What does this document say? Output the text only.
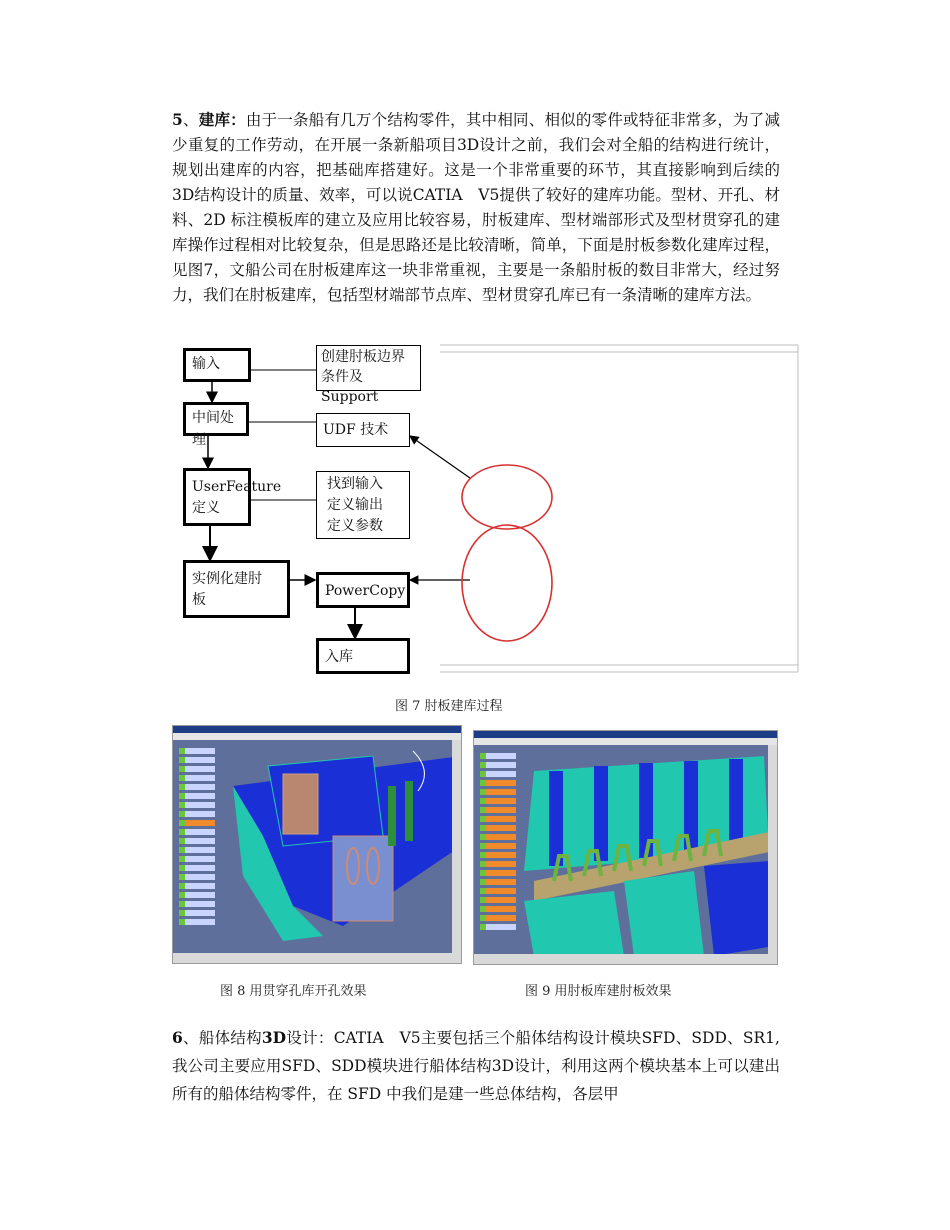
5、建库：由于一条船有几万个结构零件，其中相同、相似的零件或特征非常多，为了减少重复的工作劳动，在开展一条新船项目3D设计之前，我们会对全船的结构进行统计，规划出建库的内容，把基础库搭建好。这是一个非常重要的环节，其直接影响到后续的3D结构设计的质量、效率，可以说CATIA　V5提供了较好的建库功能。型材、开孔、材料、2D 标注模板库的建立及应用比较容易，肘板建库、型材端部形式及型材贯穿孔的建库操作过程相对比较复杂，但是思路还是比较清晰，简单，下面是肘板参数化建库过程，见图7，文船公司在肘板建库这一块非常重视，主要是一条船肘板的数目非常大，经过努力，我们在肘板建库，包括型材端部节点库、型材贯穿孔库已有一条清晰的建库方法。
输入
中间处理
UserFeature
定义
实例化建肘
板
PowerCopy
入库
创建肘板边界
条件及 Support
UDF 技术
找到输入
定义输出
定义参数
图 7 肘板建库过程
图 8 用贯穿孔库开孔效果	图 9 用肘板库建肘板效果
6、船体结构3D设计：CATIA　V5主要包括三个船体结构设计模块SFD、SDD、SR1,我公司主要应用SFD、SDD模块进行船体结构3D设计，利用这两个模块基本上可以建出所有的船体结构零件，在 SFD 中我们是建一些总体结构，各层甲
